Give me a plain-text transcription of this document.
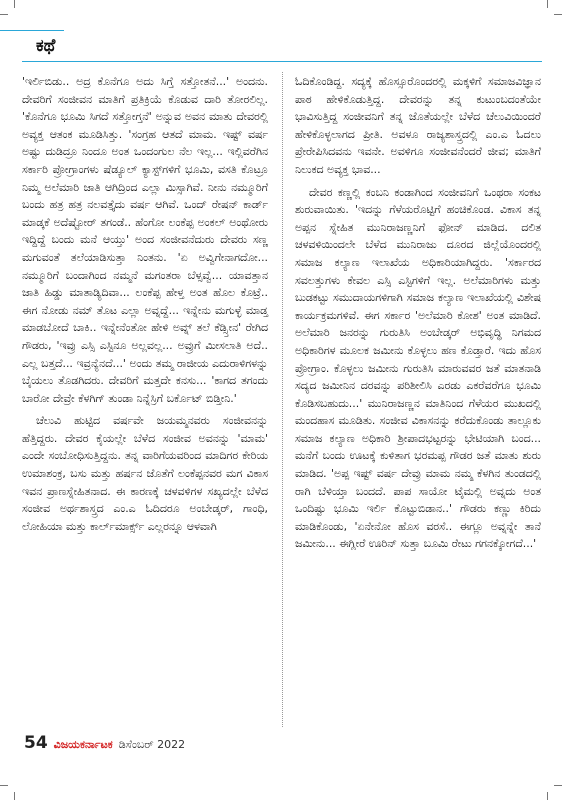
ಕಥೆ

'ಇರ್ಲಿಬಿಡು.. ಅದ್ರ ಕೊನೆಗೂ ಅದು ಸಿಗ್ತೆ ಸತ್ತೋತನೆ...' ಅಂದನು. ದೇವರಿಗೆ ಸಂಜೀವನ ಮಾತಿಗೆ ಪ್ರತಿಕ್ರಿಯೆ ಕೊಡುವ ದಾರಿ ತೋರಲಿಲ್ಲ. 'ಕೊನೆಗೂ ಭೂಮಿ ಸಿಗದೆ ಸತ್ತೋಗ್ತನೆ' ಅನ್ನುವ ಅವನ ಮಾತು ದೇವರಲ್ಲಿ ಅವ್ಯಕ್ತ ಆತಂಕ ಮೂಡಿಸಿತ್ತು. 'ಸಂಗ್ರಹ ಆತದೆ ಮಾಮ. ಇಷ್ಟ್ ವರ್ಷ ಅಷ್ಟು ದುಡಿದ್ರೂ ನಿಂದೂ ಅಂತ ಒಂದಂಗುಲ ನೆಲ ಇಲ್ಲ... ಇಲ್ಲಿವರೆಗಿನ ಸರ್ಕಾರಿ ಪ್ರೋಗ್ರಾಂಗಳು ಷೆಡ್ಯೂಲ್ ಕ್ಯಾಸ್ಟ್‌ಗಳಿಗೆ ಭೂಮಿ, ವಸತಿ ಕೊಟ್ರೂ ನಿಮ್ಮ ಅಲೆಮಾರಿ ಜಾತಿ ಆಗಿದ್ರಿಂದ ಎಲ್ಲಾ ಮಿಸ್ಸಾಗಿವೆ. ನೀನು ನಮ್ಮೂರಿಗೆ ಬಂದು ಹತ್ರ ಹತ್ರ ನಲವತ್ತೈದು ವರ್ಷ ಆಗಿವೆ. ಒಂದ್ ರೇಷನ್ ಕಾರ್ಡ್ ಮಾಡ್ಕಕೆ ಅದೆಷ್ಟೋರ್ ತಗಂಡೆ.. ಹೆಂಗೋ ಲಂಕೆಪ್ಪ ಅಂಕಲ್ ಅಂಥೋರು ಇದ್ದಿದ್ದೆ ಬಂದು ಮನೆ ಆಯ್ತು' ಅಂದ ಸಂಜೀವನೆದುರು ದೇವರು ಸಣ್ಣ ಮಗುವಂತೆ ತಲೆಯಾಡಿಸುತ್ತಾ ನಿಂತನು. 'ಏ ಅವ್ವಿಗೇನಾಗದೋ... ನಮ್ಮೂರಿಗೆ ಬಂದಾಗಿಂದ ನಮ್ಮನೆ ಮಗಂತರಾ ಬೆಳ್ಸವ್ವೆ... ಯಾವತ್ತಾನ ಜಾತಿ ಹಿಡ್ಡು ಮಾತಾಡ್ಯಿದಿವಾ... ಲಂಕೆಪ್ಪ ಹೇಳ್ತ ಅಂತ ಹೊಲ ಕೊಟ್ರೆ.. ಈಗ ನೋಡು ನಮ್ ತೊಟ ಎಲ್ಲಾ ಅವ್ನದ್ದೆ... ಇನ್ನೇನು ಮಗುಳ್ಳೆ ಮಾಡ್ತ ಮಾಡಬೋದೆ ಬಾಕಿ.. ಇನ್ನೇನೆಂತೋ ಹೇಳಿ ಅವ್ನ್ ತಲೆ ಕೆಡ್ಸ್ತೀನ' ರೇಗಿದ ಗೌಡರು, 'ಇವ್ರು ಎಸ್ಸಿ ಎಸ್ಟಿನೂ ಅಲ್ಲವಲ್ಲ... ಅವ್ರುಗೆ ಮೀಸಲಾತಿ ಅದೆ.. ಎಲ್ಲ ಬತ್ತದೆ... ಇವ್ರನ್ಯೆನದೆ...' ಅಂದು ತಮ್ಮ ರಾಜೀಯ ಎದುರಾಳಿಗಳನ್ನು ಬೈಯಲು ತೊಡಗಿದರು. ದೇವರಿಗೆ ಮತ್ತದೇ ಕನಸು... 'ಕಾಗದ ತಗಂದು ಬಾರೋ ದೇವ್ರೇ ಕೆಳಗಿಗ್ ತುಂಡಾ ನಿನ್ನೆಸ್ರಿಗೆ ಬರ್ಕೊಟ್ ಬಿಡ್ತೀನಿ.'

ಚೆಲುವಿ ಹುಟ್ಟಿದ ವರ್ಷವೇ ಜಯಮ್ಮನವರು ಸಂಜೀವನನ್ನು ಹೆತ್ತಿದ್ದರು. ದೇವರ ಕೈಯಲ್ಲೇ ಬೆಳೆದ ಸಂಜೀವ ಅವನನ್ನು 'ಮಾಮ' ಎಂದೇ ಸಂಬೋಧಿಸುತ್ತಿದ್ದನು. ತನ್ನ ವಾರಿಗೆಯವರಿಂದ ಮಾದಿಗರ ಕೇರಿಯ ಉಮಾಶಂಕ್ರ, ಬಸು ಮತ್ತು ಹರ್ಷನ ಜೊತೆಗೆ ಲಂಕೆಪ್ಪನವರ ಮಗ ವಿಕಾಸ ಇವನ ಪ್ರಾಣಸ್ನೇಹಿತನಾದ. ಈ ಕಾರಣಕ್ಕೆ ಚಳವಳಿಗಳ ಸಖ್ಯದಲ್ಲೇ ಬೆಳೆದ ಸಂಜೀವ ಅರ್ಥಶಾಸ್ತ್ರದ ಎಂ.ಎ ಓದಿದರೂ ಅಂಬೇಡ್ಕರ್, ಗಾಂಧಿ, ಲೋಹಿಯಾ ಮತ್ತು ಕಾರ್ಲ್‌ಮಾರ್ಕ್ಸ್ ಎಲ್ಲರನ್ನೂ ಆಳವಾಗಿ

ಓದಿಕೊಂಡಿದ್ದ. ಸದ್ಯಕ್ಕೆ ಹೊಸ್ಸೂರೊಂದರಲ್ಲಿ ಮಕ್ಕಳಿಗೆ ಸಮಾಜವಿಜ್ಞಾನ ಪಾಠ ಹೇಳಿಕೊಡುತ್ತಿದ್ದ. ದೇವರನ್ನು ತನ್ನ ಕುಟುಂಬದಂತೆಯೇ ಭಾವಿಸುತ್ತಿದ್ದ ಸಂಜೀವನಿಗೆ ತನ್ನ ಜೊತೆಯಲ್ಲೇ ಬೆಳೆದ ಚೆಲುವಿಯಿಂದರೆ ಹೇಳಿಕೊಳ್ಳಲಾಗದ ಪ್ರೀತಿ. ಅವಳೂ ರಾಜ್ಯಶಾಸ್ತ್ರದಲ್ಲಿ ಎಂ.ಎ ಓದಲು ಪ್ರೇರೇಪಿಸಿದವನು ಇವನೇ. ಅವಳಿಗೂ ಸಂಜೀವನೆಂದರೆ ಜೀವ; ಮಾತಿಗೆ ನಿಲುಕದ ಅವ್ಯಕ್ತ ಭಾವ...

ದೇವರ ಕಣ್ಣಲ್ಲಿ ಕಂಬನಿ ಕಂಡಾಗಿಂದ ಸಂಜೀವನಿಗೆ ಒಂಥರಾ ಸಂಕಟ ಶುರುವಾಯಿತು. 'ಇದನ್ನು ಗೆಳೆಯರೊಟ್ಟಿಗೆ ಹಂಚಿಕೊಂಡ. ವಿಕಾಸ ತನ್ನ ಅಪ್ಪನ ಸ್ನೇಹಿತ ಮುನಿರಾಜಣ್ಣನಿಗೆ ಫೋನ್ ಮಾಡಿದ. ದಲಿತ ಚಳವಳಿಯಿಂದಲೇ ಬೆಳೆದ ಮುನಿರಾಜು ದೂರದ ಜಿಲ್ಲೆಯೊಂದರಲ್ಲಿ ಸಮಾಜ ಕಲ್ಯಾಣ ಇಲಾಖೆಯ ಅಧಿಕಾರಿಯಾಗಿದ್ದರು. 'ಸರ್ಕಾರದ ಸವಲತ್ತುಗಳು ಕೇವಲ ಎಸ್ಸಿ ಎಸ್ಟಿಗಳಿಗೆ ಇಲ್ಲ. ಅಲೆಮಾರಿಗಳು ಮತ್ತು ಬುಡಕಟ್ಟು ಸಮುದಾಯಗಳಿಗಾಗಿ ಸಮಾಜ ಕಲ್ಯಾಣ ಇಲಾಖೆಯಲ್ಲಿ ವಿಶೇಷ ಕಾರ್ಯಕ್ರಮಗಳಿವೆ. ಈಗ ಸರ್ಕಾರ 'ಅಲೆಮಾರಿ ಕೋಶ' ಅಂತ ಮಾಡಿದೆ. ಅಲೆಮಾರಿ ಜನರನ್ನು ಗುರುತಿಸಿ ಅಂಬೇಡ್ಕರ್ ಅಭಿವೃದ್ಧಿ ನಿಗಮದ ಅಧಿಕಾರಿಗಳ ಮೂಲಕ ಜಮೀನು ಕೊಳ್ಳಲು ಹಣ ಕೊಡ್ತಾರೆ. ಇದು ಹೊಸ ಪ್ರೋಗ್ರಾಂ. ಕೊಳ್ಳಲು ಜಮೀನು ಗುರುತಿಸಿ ಮಾರುವವರ ಜತೆ ಮಾತನಾಡಿ ಸದ್ಯದ ಜಮೀನಿನ ದರವನ್ನು ಪರಿಶೀಲಿಸಿ ಎರಡು ಎಕರೆವರೆಗೂ ಭೂಮಿ ಕೊಡಿಸಬಹುದು...' ಮುನಿರಾಜಣ್ಣನ ಮಾತಿನಿಂದ ಗೆಳೆಯರ ಮುಖದಲ್ಲಿ ಮಂದಹಾಸ ಮೂಡಿತು. ಸಂಜೀವ ವಿಕಾಸನನ್ನು ಕರೆದುಕೊಂಡು ತಾಲ್ಲೂಕು ಸಮಾಜ ಕಲ್ಯಾಣ ಅಧಿಕಾರಿ ಶ್ರೀಪಾದಭಟ್ಟರನ್ನು ಭೇಟಿಯಾಗಿ ಬಂದ... ಮನೆಗೆ ಬಂದು ಊಟಕ್ಕೆ ಕುಳಿತಾಗ ಭರಮಪ್ಪ ಗೌಡರ ಜತೆ ಮಾತು ಶುರು ಮಾಡಿದ. 'ಅಪ್ಪ ಇಷ್ಟ್ ವರ್ಷ ದೇವ್ರು ಮಾಮ ನಮ್ಮ ಕೆಳಗಿನ ತುಂಡದಲ್ಲಿ ರಾಗಿ ಬೆಳಿಯ್ತಾ ಬಂದದೆ. ಪಾಪ ಸಾಯೋ ಟೈಮಲ್ಲಿ ಅವ್ನದು ಅಂತ ಒಂದಿಷ್ಟು ಭೂಮಿ ಇರ್ಲಿ ಕೊಟ್ಟುಬಿಡಾನ..' ಗೌಡರು ಕಣ್ಣು ಕಿರಿದು ಮಾಡಿಕೊಂಡು, 'ಏನೇನೋ ಹೊಸ ವರಸೆ.. ಈಗ್ಲೂ ಅವ್ನನ್ನೇ ತಾನೆ ಜಮೀನು... ಈಗ್ಲೀರೆ ಊರಿನ್ ಸುತ್ತಾ ಬೂಮಿ ರೇಟು ಗಗನಕ್ಕೋಗದೆ...'

54 ವಿಜಯಕರ್ನಾಟಕ ಡಿಸೆಂಬರ್ 2022
